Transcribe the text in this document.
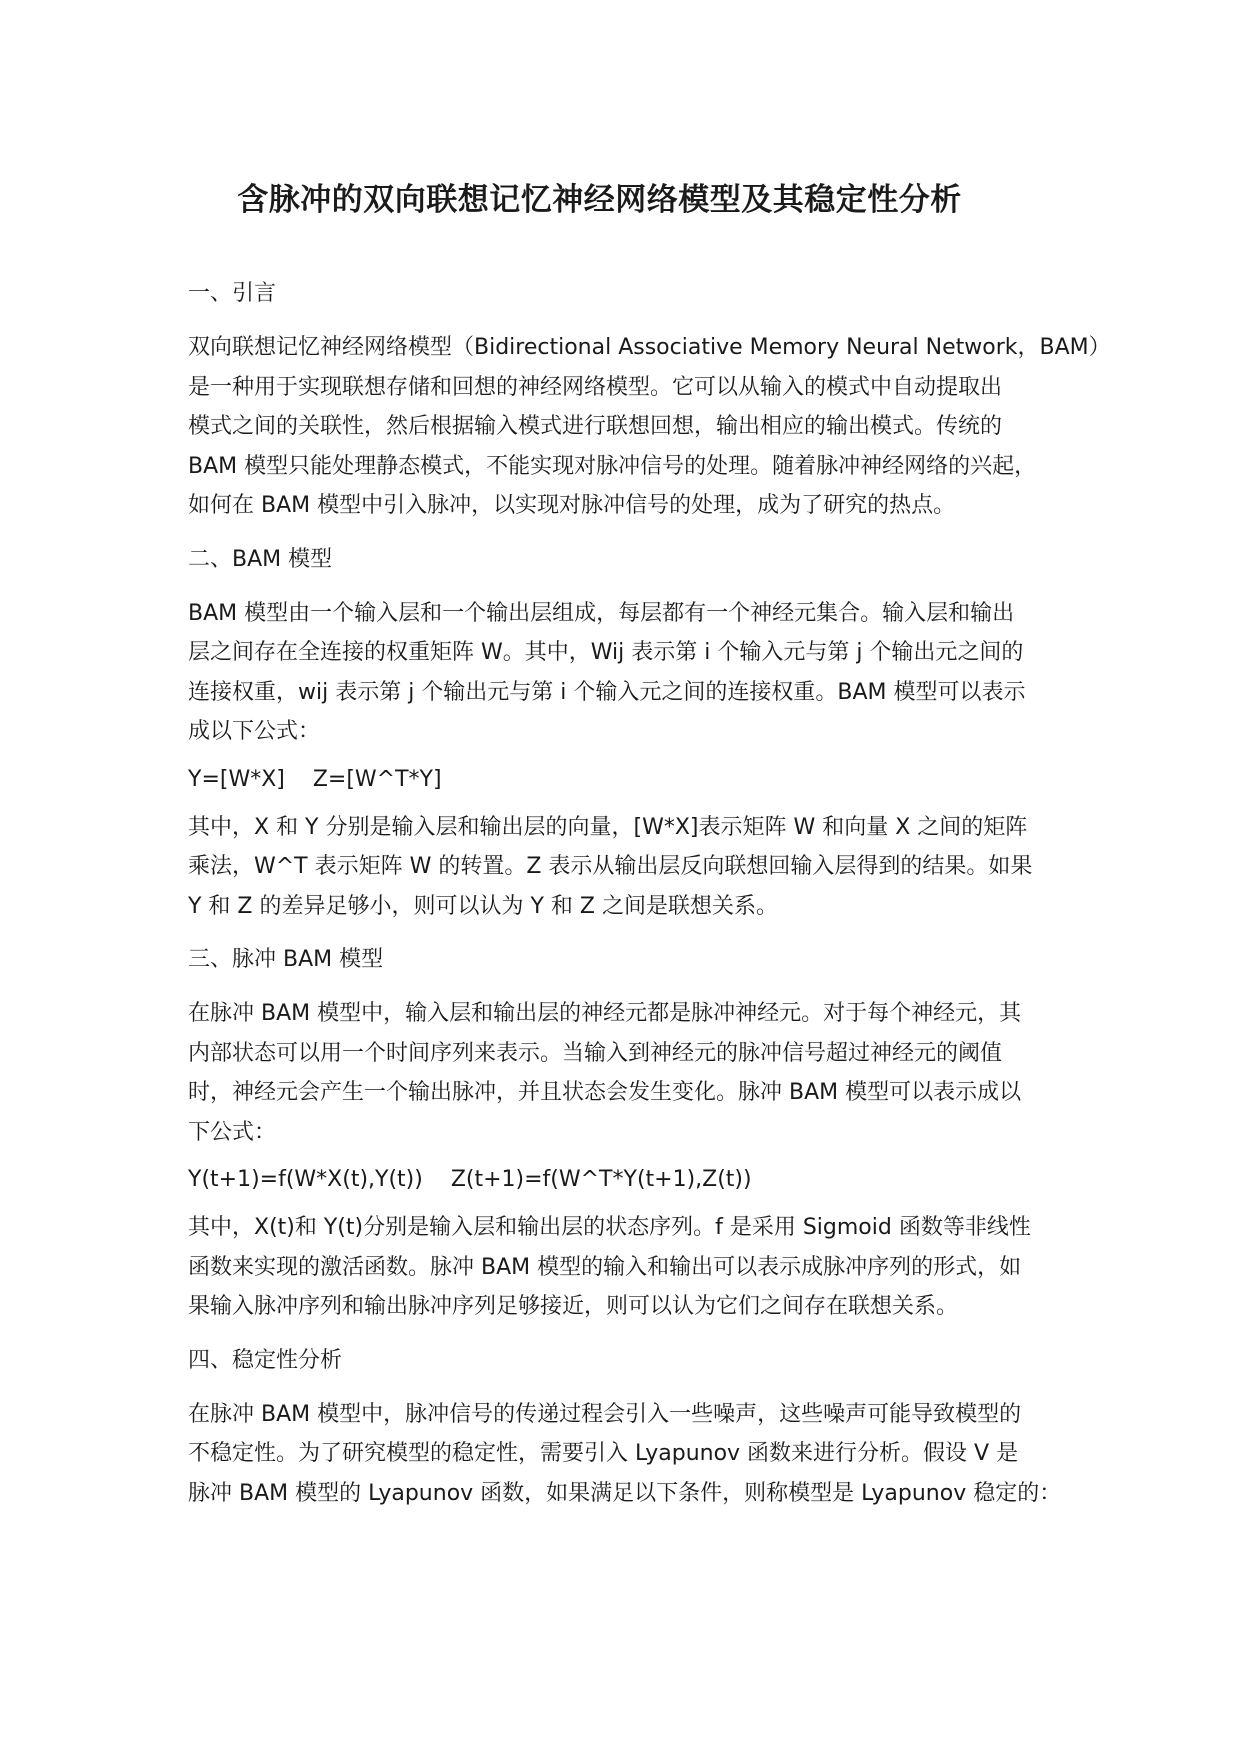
含脉冲的双向联想记忆神经网络模型及其稳定性分析

一、引言

双向联想记忆神经网络模型（Bidirectional Associative Memory Neural Network，BAM）
是一种用于实现联想存储和回想的神经网络模型。它可以从输入的模式中自动提取出
模式之间的关联性，然后根据输入模式进行联想回想，输出相应的输出模式。传统的
BAM 模型只能处理静态模式，不能实现对脉冲信号的处理。随着脉冲神经网络的兴起，
如何在 BAM 模型中引入脉冲，以实现对脉冲信号的处理，成为了研究的热点。

二、BAM 模型

BAM 模型由一个输入层和一个输出层组成，每层都有一个神经元集合。输入层和输出
层之间存在全连接的权重矩阵 W。其中，Wij 表示第 i 个输入元与第 j 个输出元之间的
连接权重，wij 表示第 j 个输出元与第 i 个输入元之间的连接权重。BAM 模型可以表示
成以下公式：

Y=[W*X]    Z=[W^T*Y]

其中，X 和 Y 分别是输入层和输出层的向量，[W*X]表示矩阵 W 和向量 X 之间的矩阵
乘法，W^T 表示矩阵 W 的转置。Z 表示从输出层反向联想回输入层得到的结果。如果
Y 和 Z 的差异足够小，则可以认为 Y 和 Z 之间是联想关系。

三、脉冲 BAM 模型

在脉冲 BAM 模型中，输入层和输出层的神经元都是脉冲神经元。对于每个神经元，其
内部状态可以用一个时间序列来表示。当输入到神经元的脉冲信号超过神经元的阈值
时，神经元会产生一个输出脉冲，并且状态会发生变化。脉冲 BAM 模型可以表示成以
下公式：

Y(t+1)=f(W*X(t),Y(t))    Z(t+1)=f(W^T*Y(t+1),Z(t))

其中，X(t)和 Y(t)分别是输入层和输出层的状态序列。f 是采用 Sigmoid 函数等非线性
函数来实现的激活函数。脉冲 BAM 模型的输入和输出可以表示成脉冲序列的形式，如
果输入脉冲序列和输出脉冲序列足够接近，则可以认为它们之间存在联想关系。

四、稳定性分析

在脉冲 BAM 模型中，脉冲信号的传递过程会引入一些噪声，这些噪声可能导致模型的
不稳定性。为了研究模型的稳定性，需要引入 Lyapunov 函数来进行分析。假设 V 是
脉冲 BAM 模型的 Lyapunov 函数，如果满足以下条件，则称模型是 Lyapunov 稳定的：
